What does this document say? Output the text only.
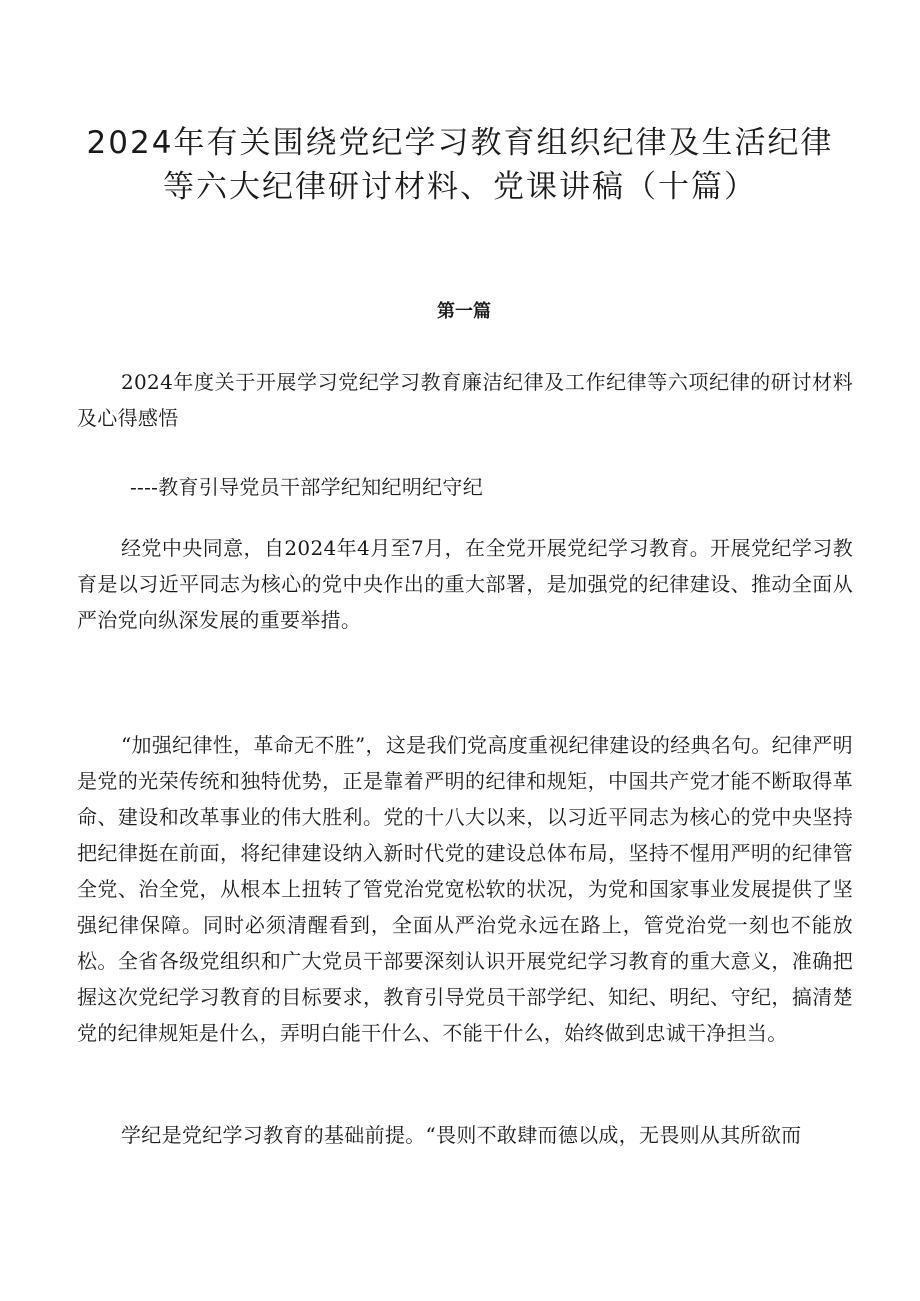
2024年有关围绕党纪学习教育组织纪律及生活纪律
等六大纪律研讨材料、党课讲稿（十篇）
第一篇

2024年度关于开展学习党纪学习教育廉洁纪律及工作纪律等六项纪律的研讨材料及心得感悟

----教育引导党员干部学纪知纪明纪守纪

经党中央同意，自2024年4月至7月，在全党开展党纪学习教育。开展党纪学习教育是以习近平同志为核心的党中央作出的重大部署，是加强党的纪律建设、推动全面从严治党向纵深发展的重要举措。

“加强纪律性，革命无不胜”，这是我们党高度重视纪律建设的经典名句。纪律严明是党的光荣传统和独特优势，正是靠着严明的纪律和规矩，中国共产党才能不断取得革命、建设和改革事业的伟大胜利。党的十八大以来，以习近平同志为核心的党中央坚持把纪律挺在前面，将纪律建设纳入新时代党的建设总体布局，坚持不惺用严明的纪律管全党、治全党，从根本上扭转了管党治党宽松软的状况，为党和国家事业发展提供了坚强纪律保障。同时必须清醒看到，全面从严治党永远在路上，管党治党一刻也不能放松。全省各级党组织和广大党员干部要深刻认识开展党纪学习教育的重大意义，准确把握这次党纪学习教育的目标要求，教育引导党员干部学纪、知纪、明纪、守纪，搞清楚党的纪律规矩是什么，弄明白能干什么、不能干什么，始终做到忠诚干净担当。

学纪是党纪学习教育的基础前提。“畏则不敢肆而德以成，无畏则从其所欲而
